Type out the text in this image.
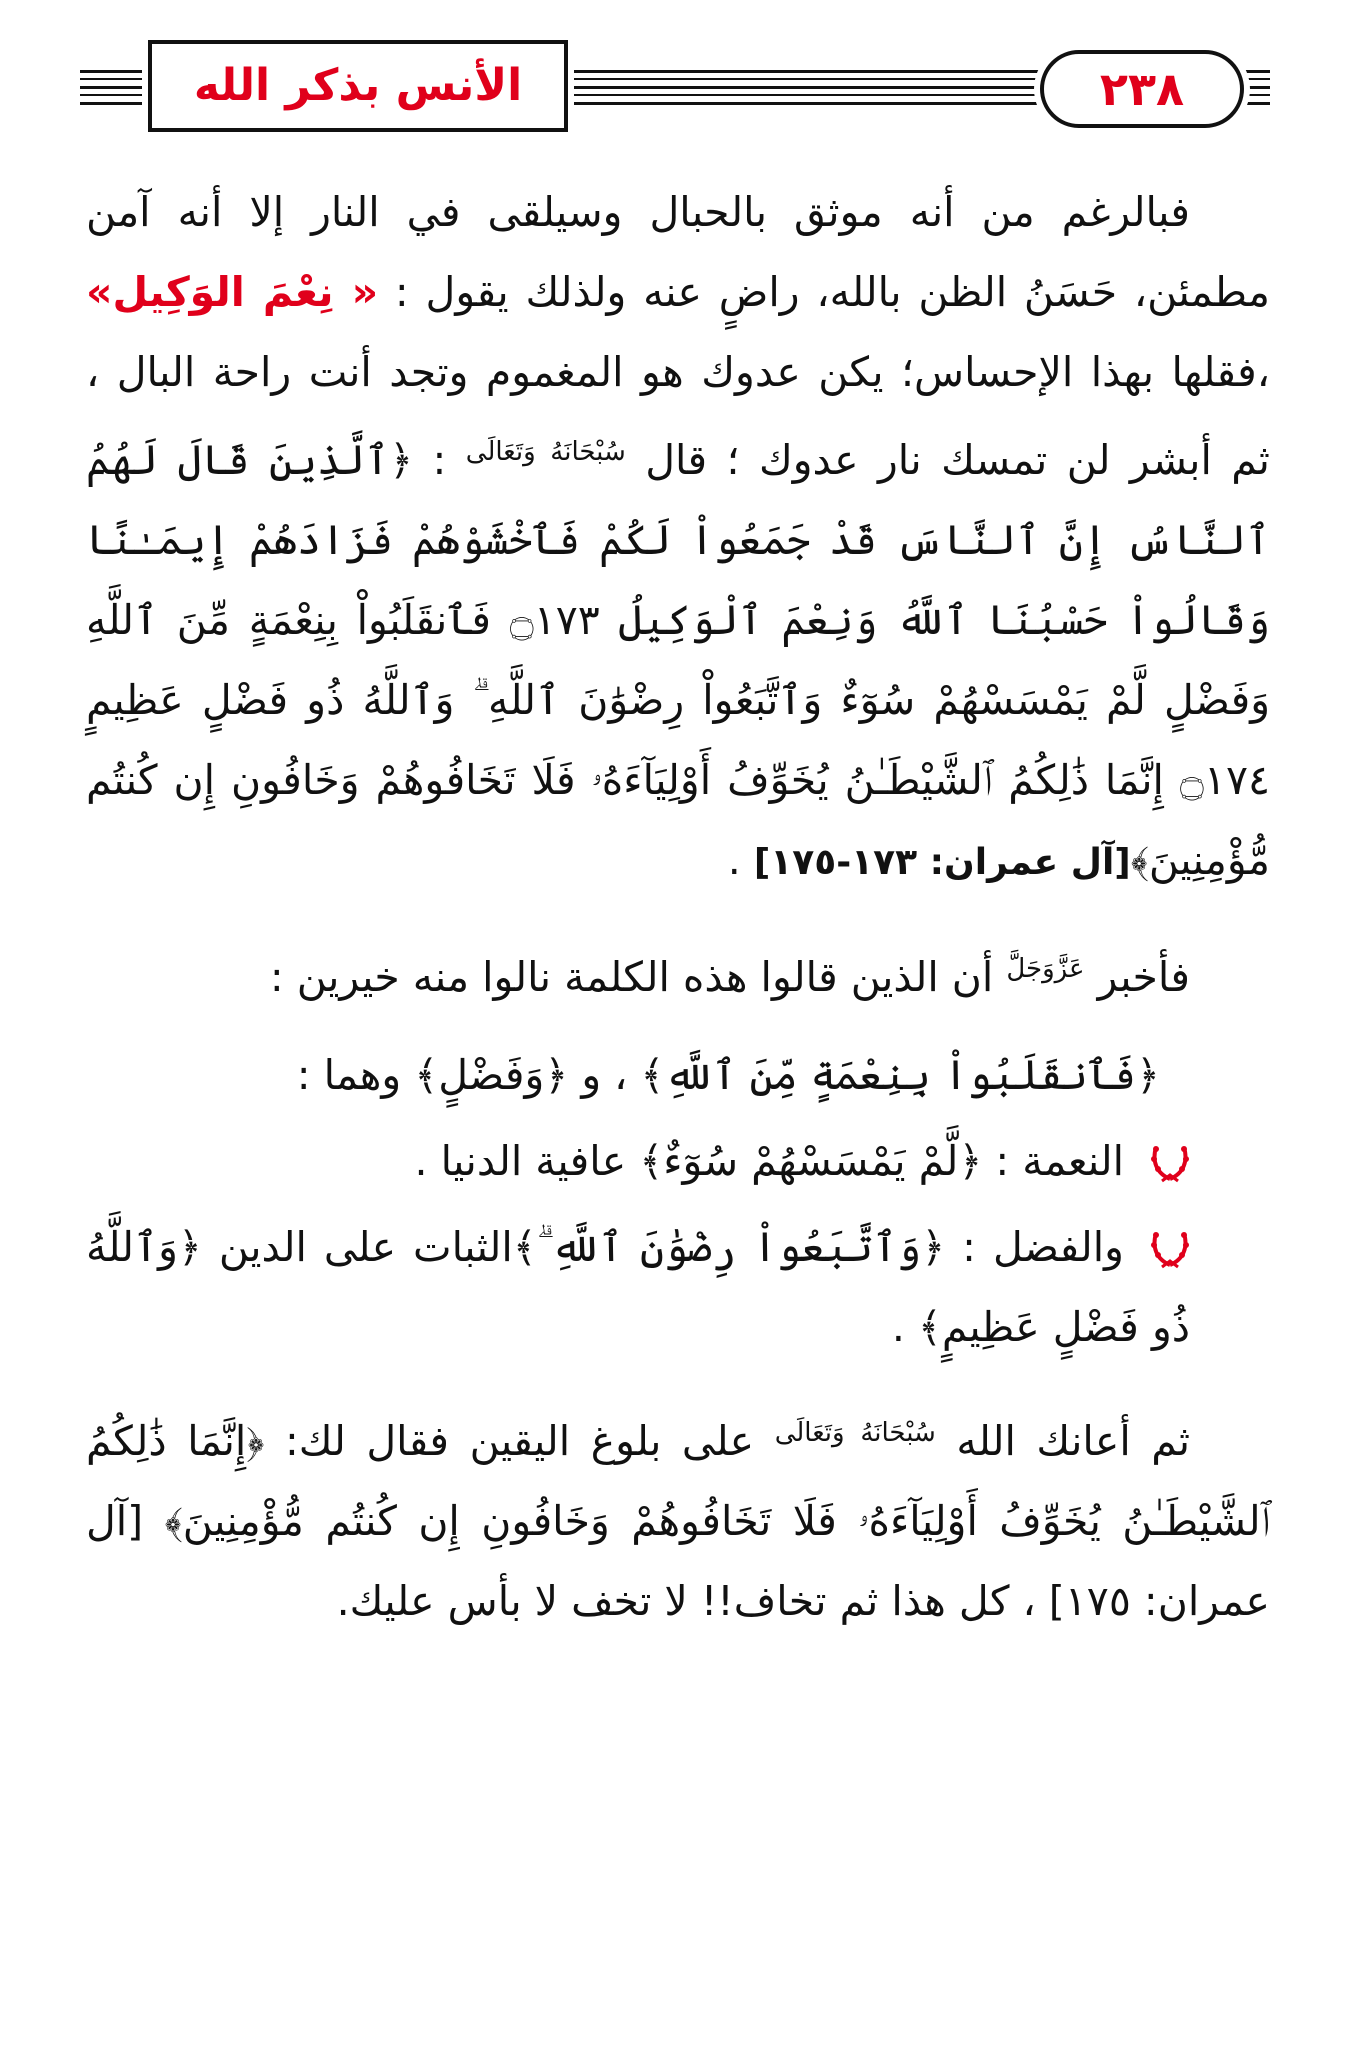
الأنس بذكر الله	٢٣٨

فبالرغم من أنه موثق بالحبال وسيلقى في النار إلا أنه آمن مطمئن، حَسَنُ الظن بالله، راضٍ عنه ولذلك يقول : « نِعْمَ الوَكِيل» ،فقلها بهذا الإحساس؛ يكن عدوك هو المغموم وتجد أنت راحة البال ، ثم أبشر لن تمسك نار عدوك ؛ قال $^{سُبْحَانَهُ وَتَعَالَى}$ : ﴿ٱلَّذِينَ قَالَ لَهُمُ ٱلنَّاسُ إِنَّ ٱلنَّاسَ قَدْ جَمَعُواْ لَكُمْ فَٱخْشَوْهُمْ فَزَادَهُمْ إِيمَـٰنًا وَقَالُواْ حَسْبُنَا ٱللَّهُ وَنِعْمَ ٱلْوَكِيلُ ۝١٧٣ فَٱنقَلَبُواْ بِنِعْمَةٍ مِّنَ ٱللَّهِ وَفَضْلٍ لَّمْ يَمْسَسْهُمْ سُوٓءٌ وَٱتَّبَعُواْ رِضْوَٰنَ ٱللَّهِ ۗ وَٱللَّهُ ذُو فَضْلٍ عَظِيمٍ ۝١٧٤ إِنَّمَا ذَٰلِكُمُ ٱلشَّيْطَـٰنُ يُخَوِّفُ أَوْلِيَآءَهُۥ فَلَا تَخَافُوهُمْ وَخَافُونِ إِن كُنتُم مُّؤْمِنِينَ﴾[آل عمران: ١٧٣-١٧٥] .

فأخبر $^{عَزَّوَجَلَّ}$ أن الذين قالوا هذه الكلمة نالوا منه خيرين :

﴿فَٱنقَلَبُواْ بِنِعْمَةٍ مِّنَ ٱللَّهِ﴾ ، و ﴿وَفَضْلٍ﴾ وهما :

النعمة : ﴿لَّمْ يَمْسَسْهُمْ سُوٓءٌ﴾ عافية الدنيا .

والفضل : ﴿وَٱتَّبَعُواْ رِضْوَٰنَ ٱللَّهِ ۗ﴾الثبات على الدين ﴿وَٱللَّهُ ذُو فَضْلٍ عَظِيمٍ﴾ .

ثم أعانك الله $^{سُبْحَانَهُ وَتَعَالَى}$ على بلوغ اليقين فقال لك: ﴿إِنَّمَا ذَٰلِكُمُ ٱلشَّيْطَـٰنُ يُخَوِّفُ أَوْلِيَآءَهُۥ فَلَا تَخَافُوهُمْ وَخَافُونِ إِن كُنتُم مُّؤْمِنِينَ﴾ [آل عمران: ١٧٥] ، كل هذا ثم تخاف!! لا تخف لا بأس عليك.
